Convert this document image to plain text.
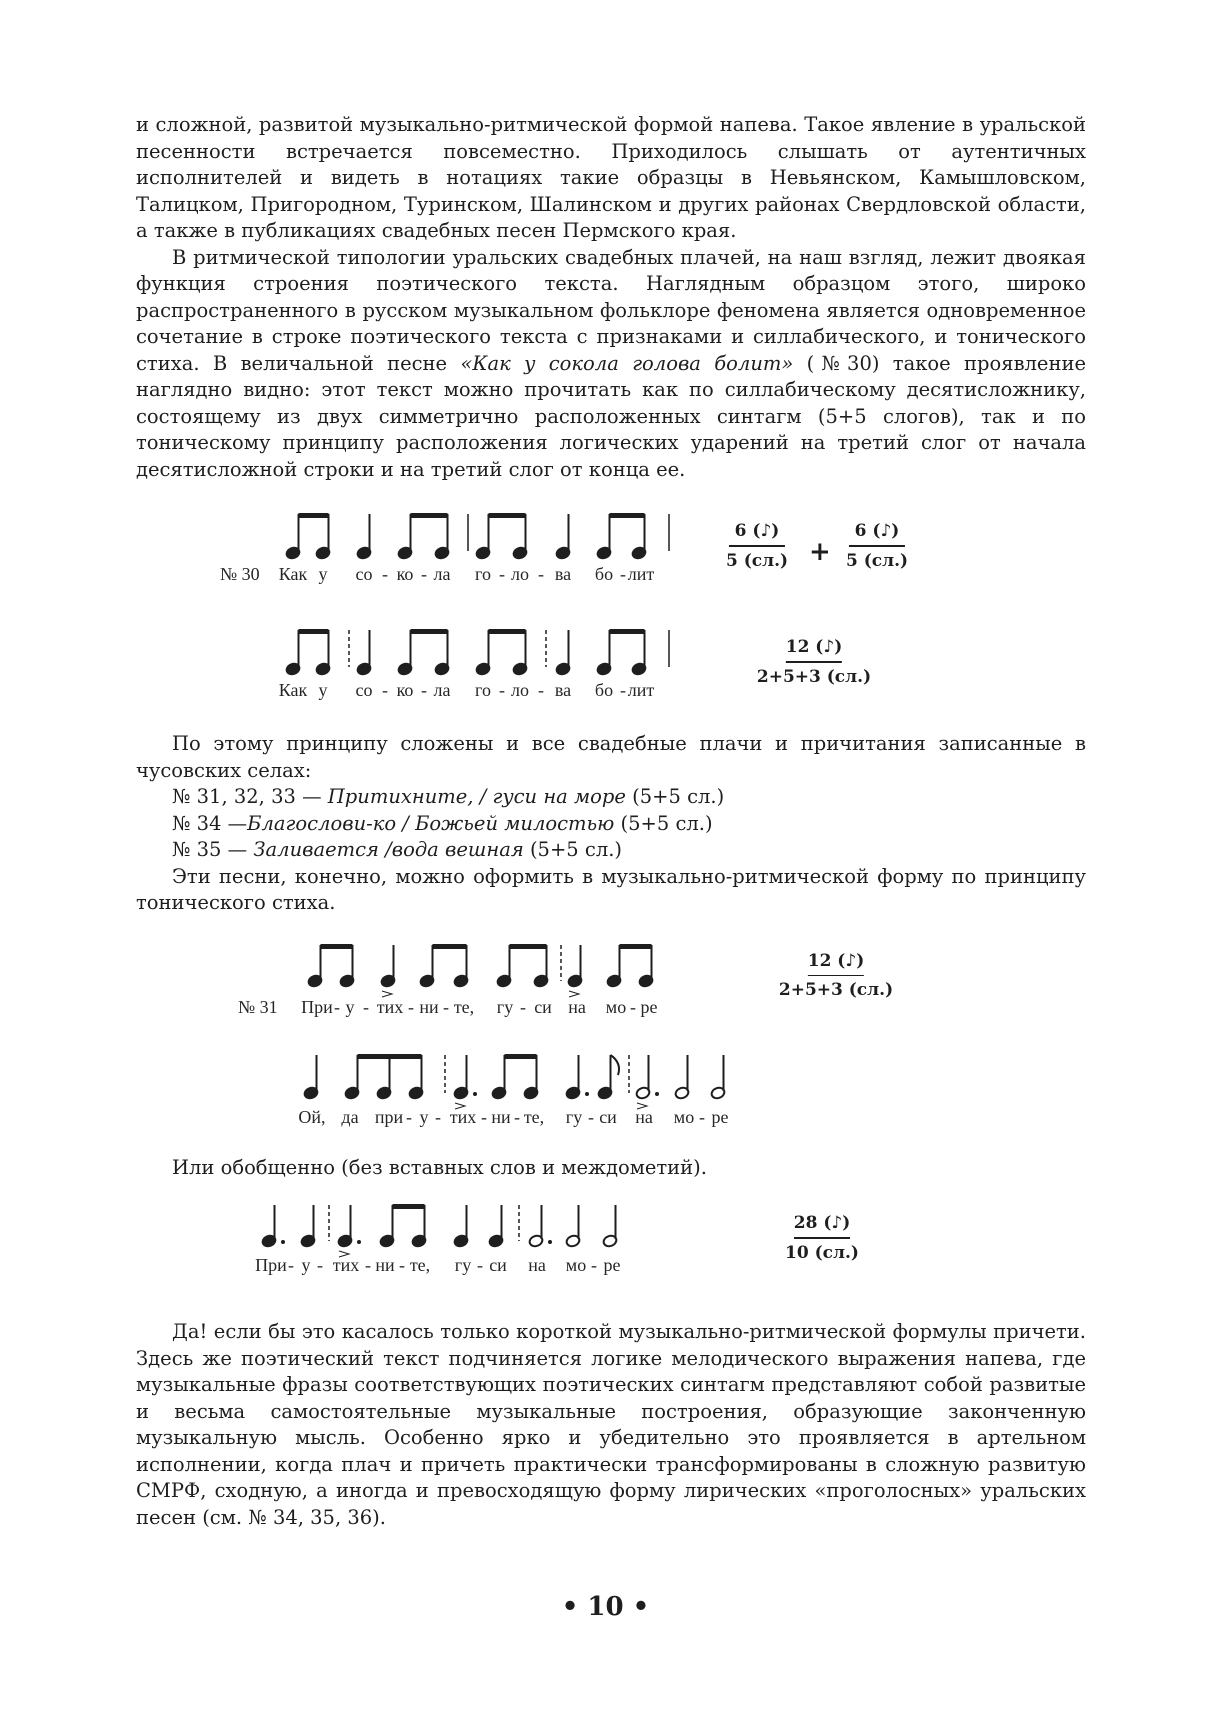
и сложной, развитой музыкально-ритмической формой напева. Такое явление в уральской песенности встречается повсеместно. Приходилось слышать от аутентичных исполнителей и видеть в нотациях такие образцы в Невьянском, Камышловском, Талицком, Пригородном, Туринском, Шалинском и других районах Свердловской области, а также в публикациях свадебных песен Пермского края.

В ритмической типологии уральских свадебных плачей, на наш взгляд, лежит двоякая функция строения поэтического текста. Наглядным образцом этого, широко распространенного в русском музыкальном фольклоре феномена является одновременное сочетание в строке поэтического текста с признаками и силлабического, и тонического стиха. В величальной песне «Как у сокола голова болит» (№30) такое проявление наглядно видно: этот текст можно прочитать как по силлабическому десятисложнику, состоящему из двух симметрично расположенных синтагм (5+5 слогов), так и по тоническому принципу расположения логических ударений на третий слог от начала десятисложной строки и на третий слог от конца ее.

№ 30 Как у со - ко - ла го - ло - ва бо - лит
6 (♪)
5 (сл.) +
6 (♪)
5 (сл.)
Как у со - ко - ла го - ло - ва бо - лит
12 (♪)
2+5+3 (сл.)

По этому принципу сложены и все свадебные плачи и причитания записанные в чусовских селах:

№ 31, 32, 33 — Притихните, / гуси на море (5+5 сл.)
№ 34 —Благослови-ко / Божьей милостью (5+5 сл.)
№ 35 — Заливается /вода вешная (5+5 сл.)

Эти песни, конечно, можно оформить в музыкально-ритмической форму по принципу тонического стиха.

№ 31 При - у - тих - ни - те, гу - си на мо - ре
12 (♪)
2+5+3 (сл.)
Ой, да при - у - тих - ни - те, гу - си на мо - ре

Или обобщенно (без вставных слов и междометий).

При - у - тих - ни - те, гу - си на мо - ре
28 (♪)
10 (сл.)

Да! если бы это касалось только короткой музыкально-ритмической формулы причети. Здесь же поэтический текст подчиняется логике мелодического выражения напева, где музыкальные фразы соответствующих поэтических синтагм представляют собой развитые и весьма самостоятельные музыкальные построения, образующие законченную музыкальную мысль. Особенно ярко и убедительно это проявляется в артельном исполнении, когда плач и причеть практически трансформированы в сложную развитую СМРФ, сходную, а иногда и превосходящую форму лирических «проголосных» уральских песен (см. № 34, 35, 36).

• 10 •
